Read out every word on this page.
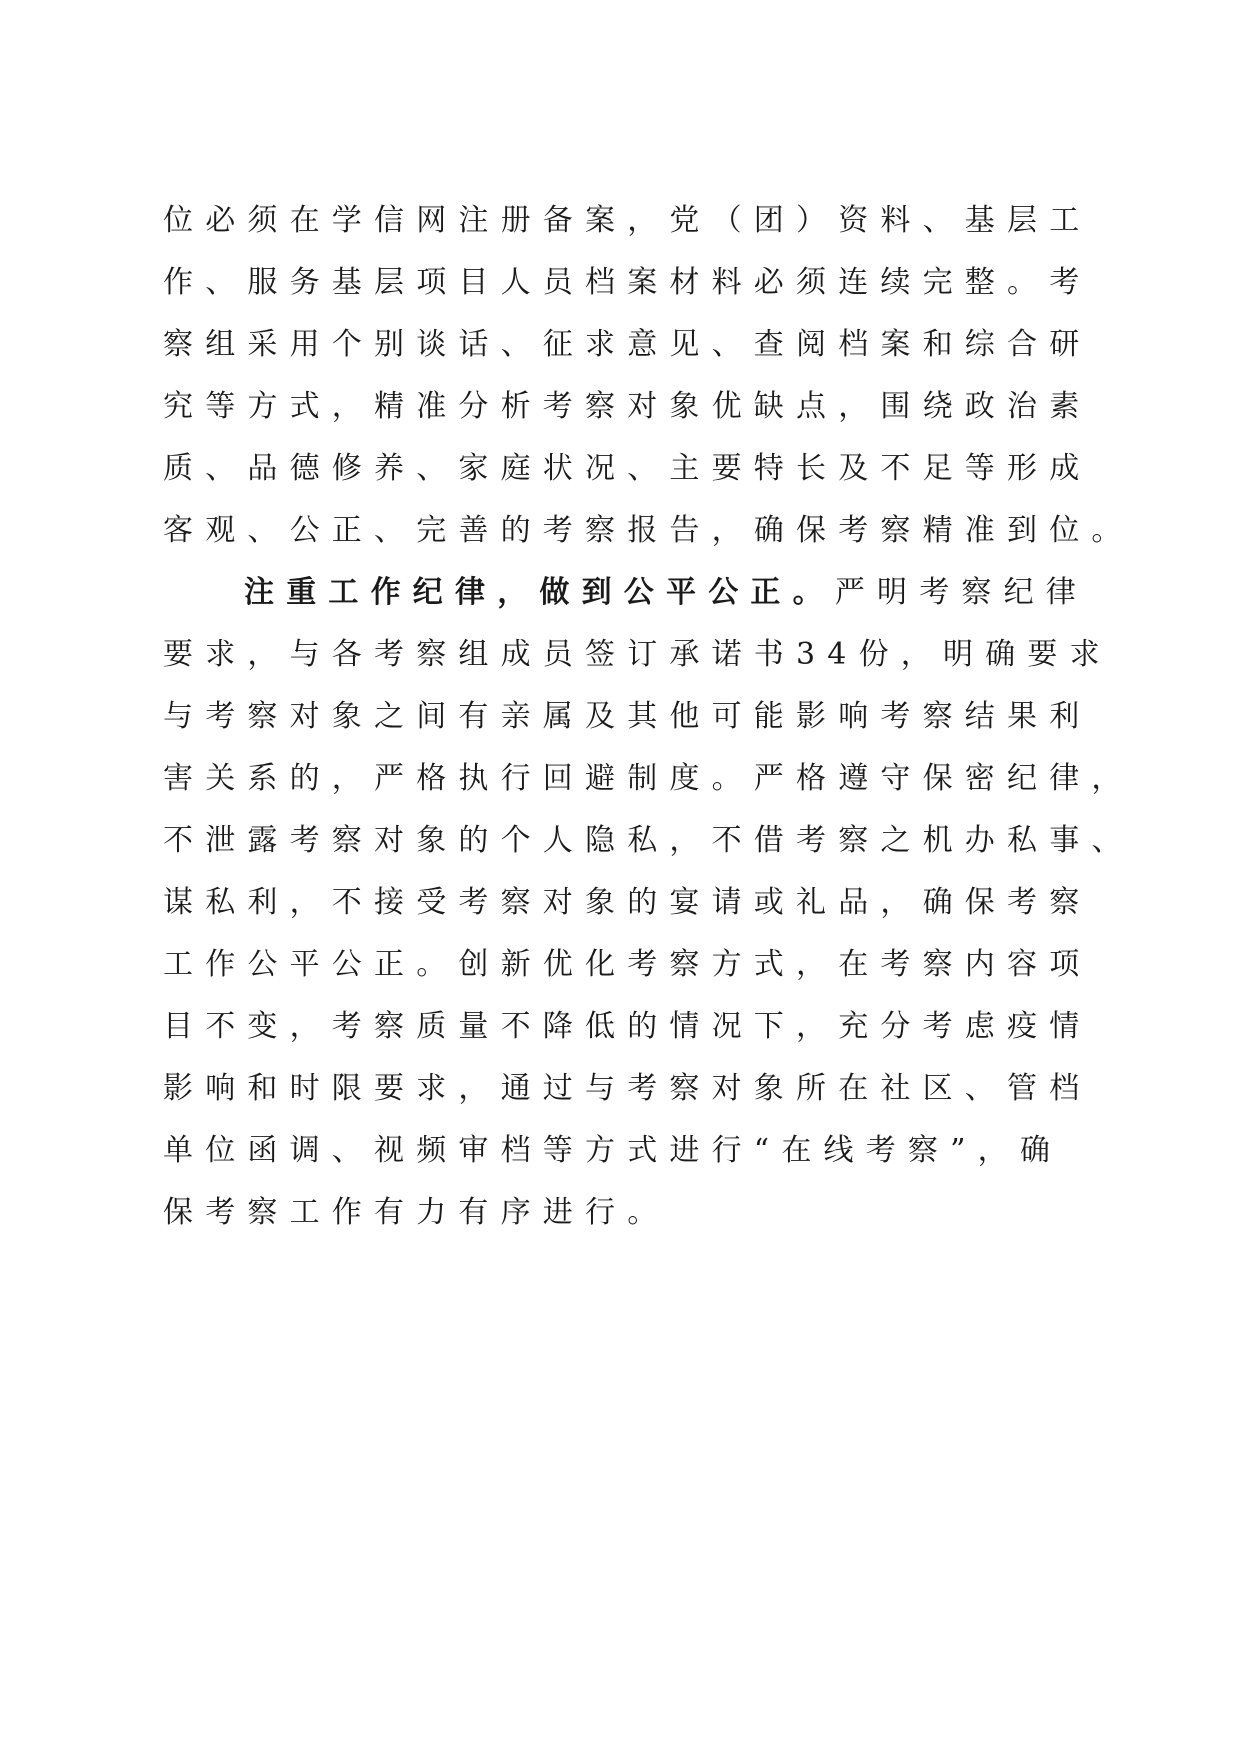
位必须在学信网注册备案，党（团）资料、基层工
作、服务基层项目人员档案材料必须连续完整。考
察组采用个别谈话、征求意见、查阅档案和综合研
究等方式，精准分析考察对象优缺点，围绕政治素
质、品德修养、家庭状况、主要特长及不足等形成
客观、公正、完善的考察报告，确保考察精准到位。
注重工作纪律，做到公平公正。严明考察纪律
要求，与各考察组成员签订承诺书34份，明确要求
与考察对象之间有亲属及其他可能影响考察结果利
害关系的，严格执行回避制度。严格遵守保密纪律，
不泄露考察对象的个人隐私，不借考察之机办私事、
谋私利，不接受考察对象的宴请或礼品，确保考察
工作公平公正。创新优化考察方式，在考察内容项
目不变，考察质量不降低的情况下，充分考虑疫情
影响和时限要求，通过与考察对象所在社区、管档
单位函调、视频审档等方式进行“在线考察”，确
保考察工作有力有序进行。
